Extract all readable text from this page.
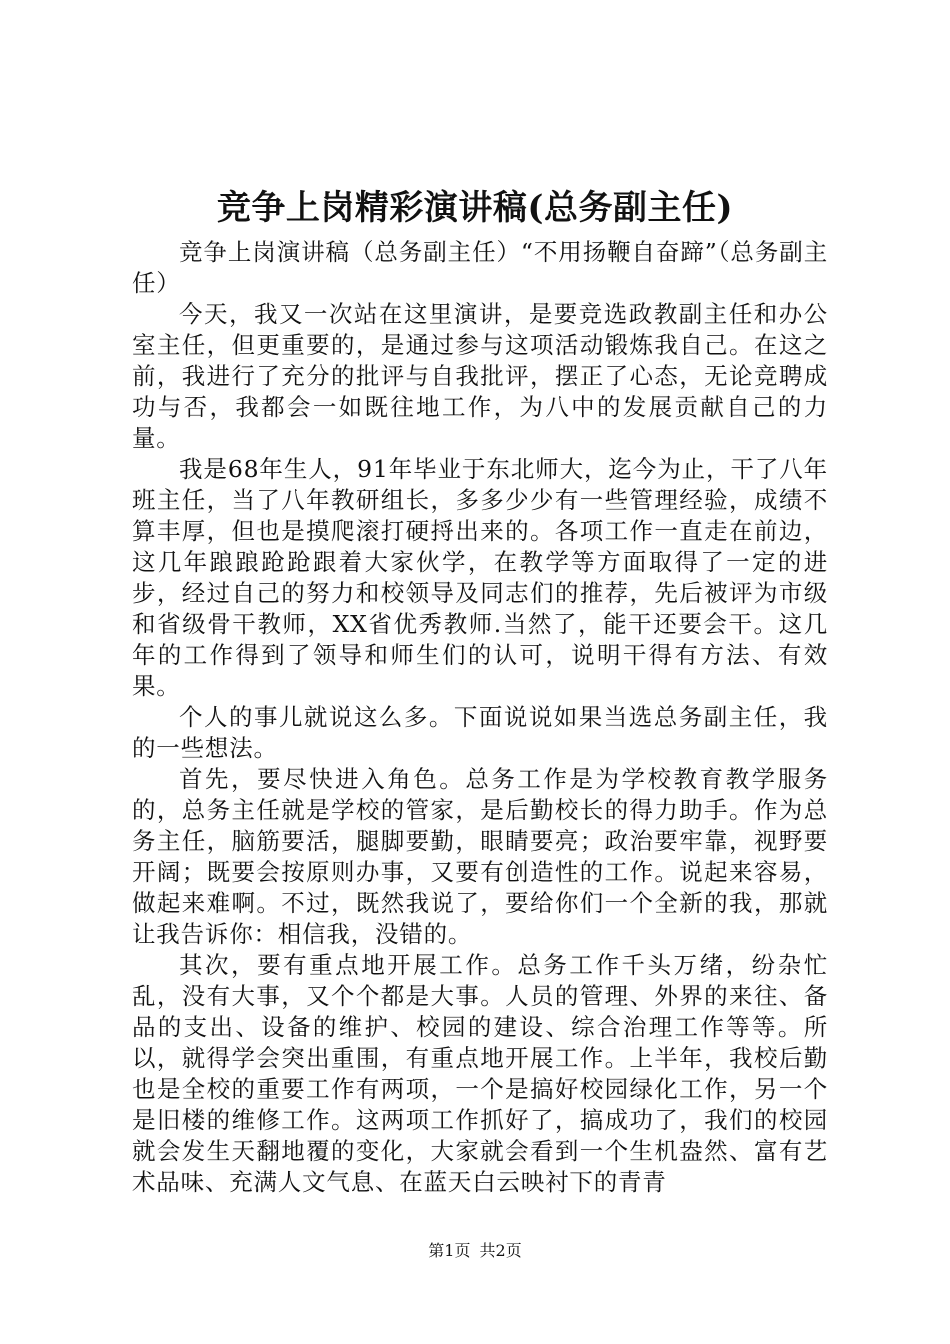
竞争上岗精彩演讲稿(总务副主任)

竞争上岗演讲稿（总务副主任）“不用扬鞭自奋蹄”（总务副主任）

今天，我又一次站在这里演讲，是要竞选政教副主任和办公室主任，但更重要的，是通过参与这项活动锻炼我自己。在这之前，我进行了充分的批评与自我批评，摆正了心态，无论竞聘成功与否，我都会一如既往地工作，为八中的发展贡献自己的力量。

我是68年生人，91年毕业于东北师大，迄今为止，干了八年班主任，当了八年教研组长，多多少少有一些管理经验，成绩不算丰厚，但也是摸爬滚打硬捋出来的。各项工作一直走在前边，这几年踉踉跄跄跟着大家伙学，在教学等方面取得了一定的进步，经过自己的努力和校领导及同志们的推荐，先后被评为市级和省级骨干教师，XX省优秀教师.当然了，能干还要会干。这几年的工作得到了领导和师生们的认可，说明干得有方法、有效果。

个人的事儿就说这么多。下面说说如果当选总务副主任，我的一些想法。

首先，要尽快进入角色。总务工作是为学校教育教学服务的，总务主任就是学校的管家，是后勤校长的得力助手。作为总务主任，脑筋要活，腿脚要勤，眼睛要亮；政治要牢靠，视野要开阔；既要会按原则办事，又要有创造性的工作。说起来容易，做起来难啊。不过，既然我说了，要给你们一个全新的我，那就让我告诉你：相信我，没错的。

其次，要有重点地开展工作。总务工作千头万绪，纷杂忙乱，没有大事，又个个都是大事。人员的管理、外界的来往、备品的支出、设备的维护、校园的建设、综合治理工作等等。所以，就得学会突出重围，有重点地开展工作。上半年，我校后勤也是全校的重要工作有两项，一个是搞好校园绿化工作，另一个是旧楼的维修工作。这两项工作抓好了，搞成功了，我们的校园就会发生天翻地覆的变化，大家就会看到一个生机盎然、富有艺术品味、充满人文气息、在蓝天白云映衬下的青青

第1页 共2页
